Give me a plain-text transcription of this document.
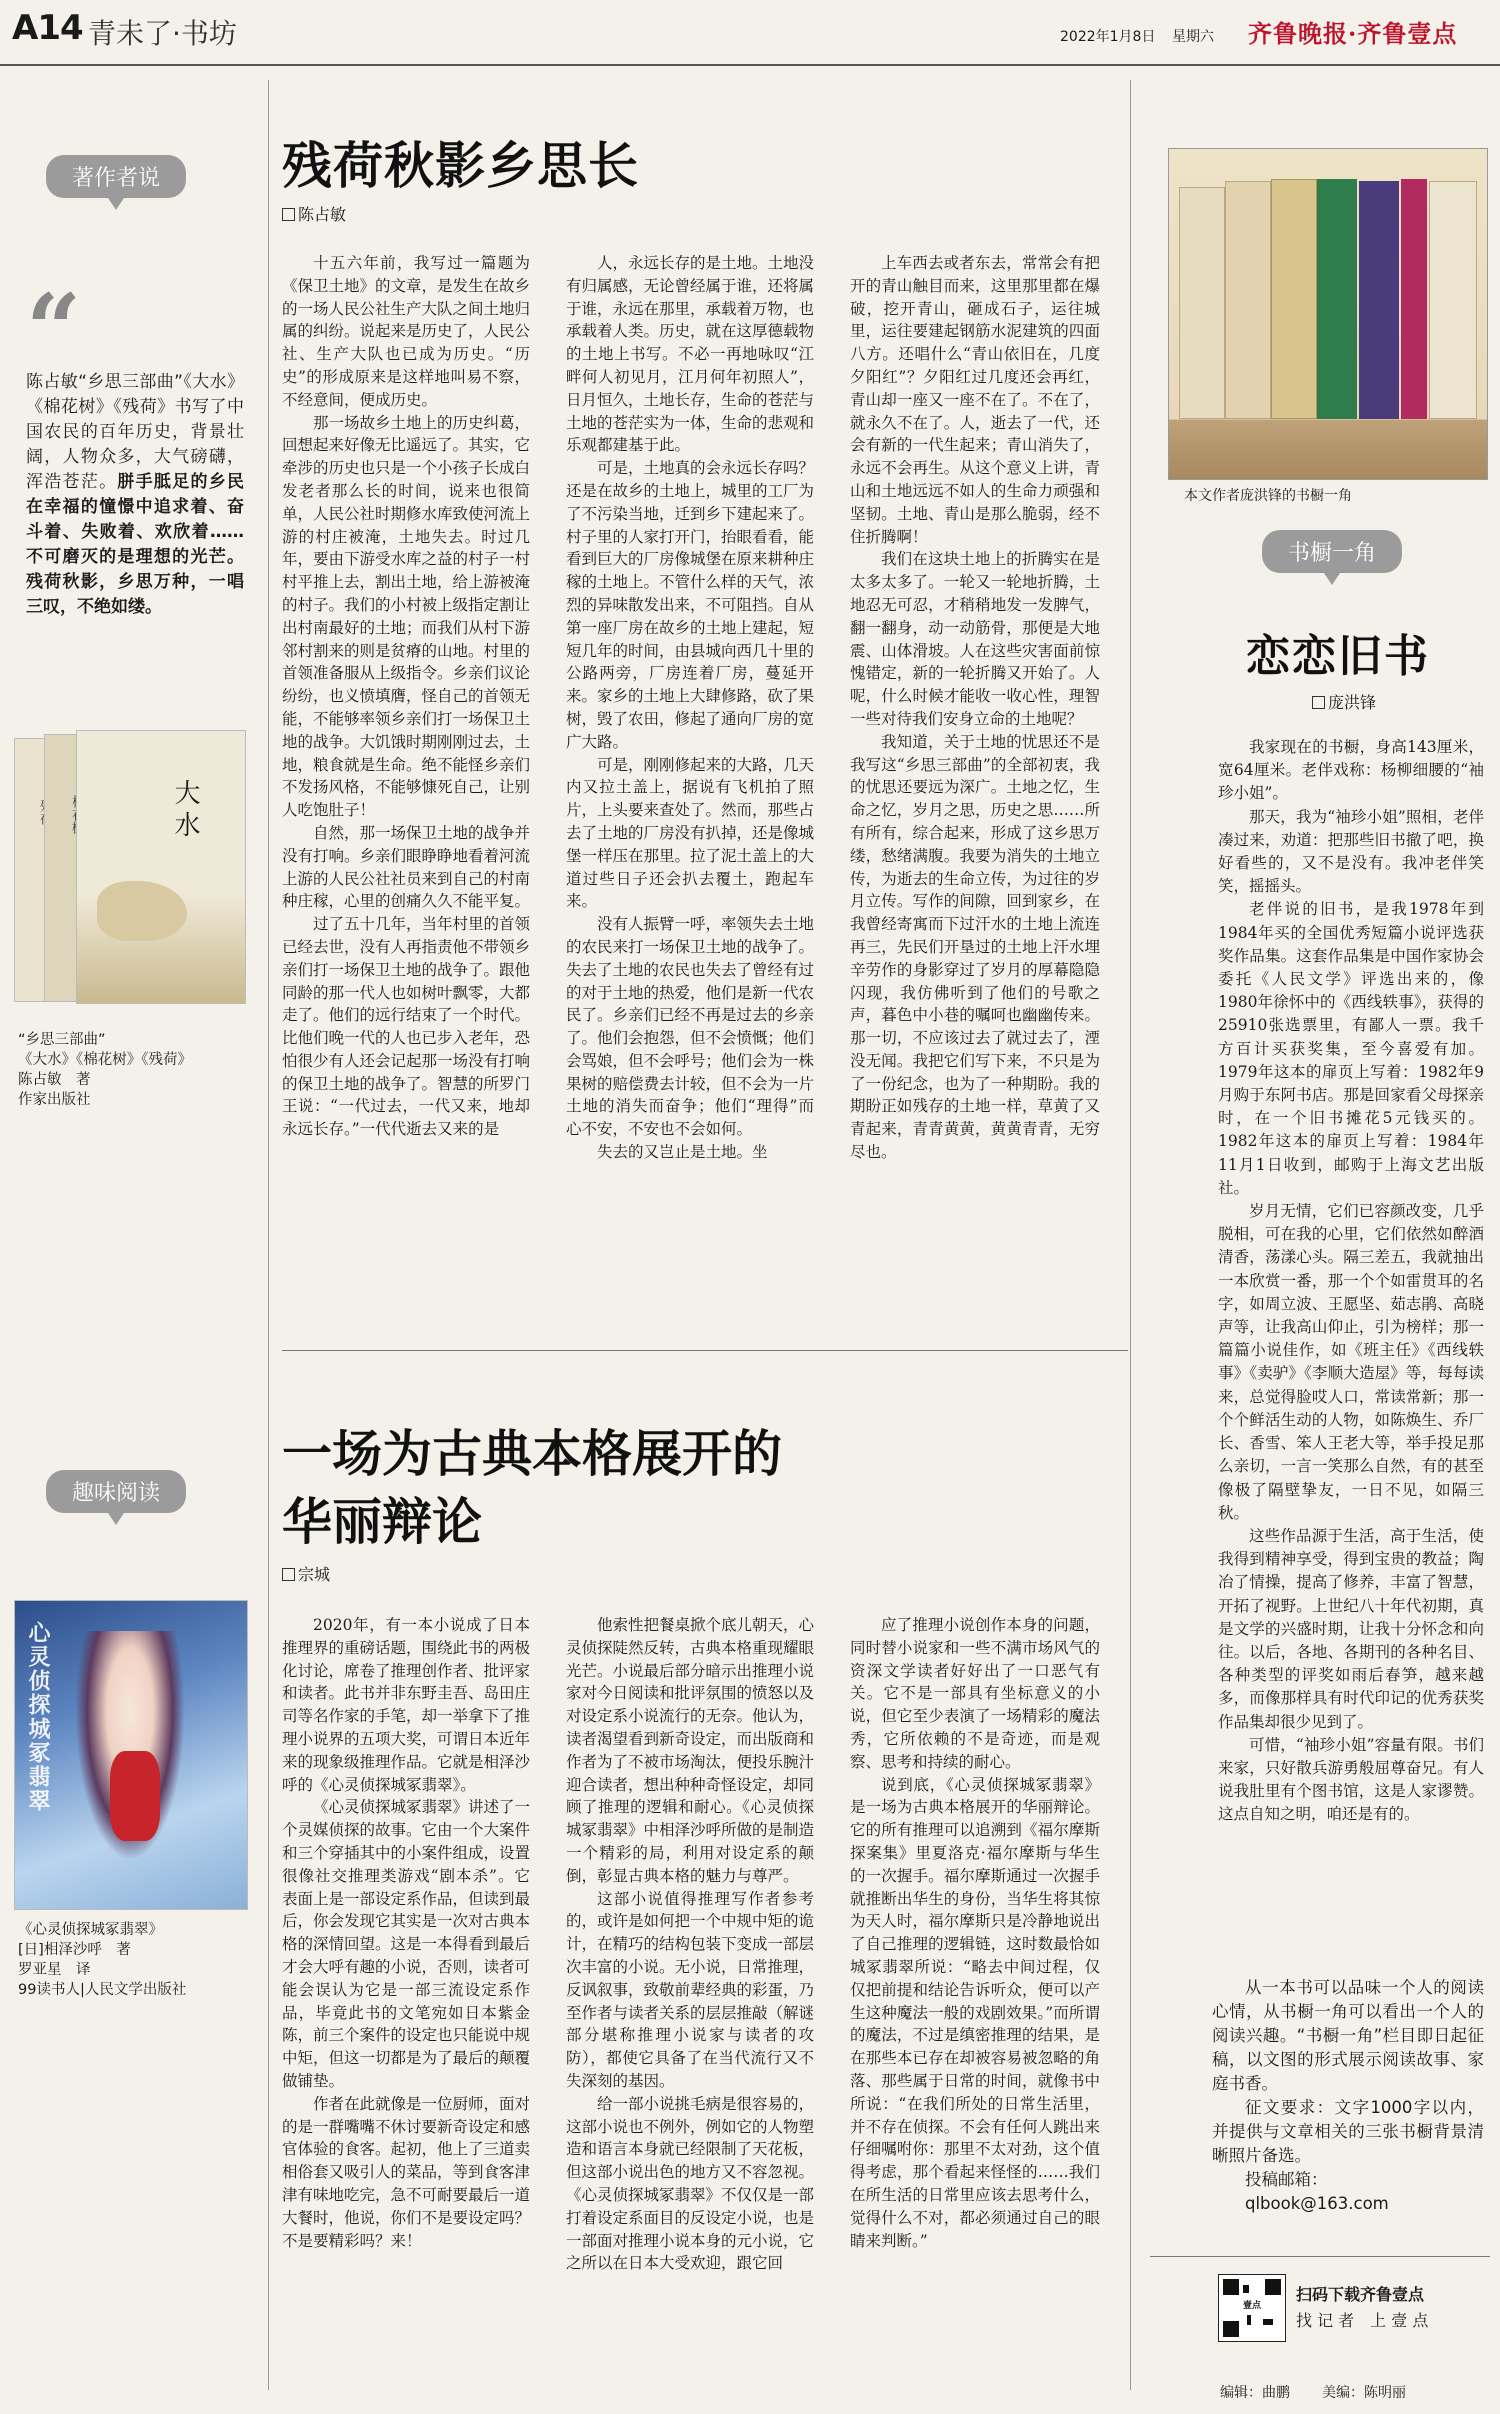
A14 青未了·书坊	2022年1月8日 星期六 齐鲁晚报·齐鲁壹点
著作者说
“
陈占敏“乡思三部曲”《大水》《棉花树》《残荷》书写了中国农民的百年历史，背景壮阔，人物众多，大气磅礴，浑浩苍茫。胼手胝足的乡民在幸福的憧憬中追求着、奋斗着、失败着、欢欣着……不可磨灭的是理想的光芒。残荷秋影，乡思万种，一唱三叹，不绝如缕。
大水
“乡思三部曲”
《大水》《棉花树》《残荷》
陈占敏　著
作家出版社
趣味阅读
心灵侦探城冢翡翠
《心灵侦探城冢翡翠》
[日]相泽沙呼　著
罗亚星　译
99读书人|人民文学出版社
残荷秋影乡思长
陈占敏

十五六年前，我写过一篇题为《保卫土地》的文章，是发生在故乡的一场人民公社生产大队之间土地归属的纠纷。说起来是历史了，人民公社、生产大队也已成为历史。“历史”的形成原来是这样地叫易不察，不经意间，便成历史。

那一场故乡土地上的历史纠葛，回想起来好像无比遥远了。其实，它牵涉的历史也只是一个小孩子长成白发老者那么长的时间，说来也很简单，人民公社时期修水库致使河流上游的村庄被淹，土地失去。时过几年，要由下游受水库之益的村子一村村平推上去，割出土地，给上游被淹的村子。我们的小村被上级指定割让出村南最好的土地；而我们从村下游邻村割来的则是贫瘠的山地。村里的首领准备服从上级指令。乡亲们议论纷纷，也义愤填膺，怪自己的首领无能，不能够率领乡亲们打一场保卫土地的战争。大饥饿时期刚刚过去，土地，粮食就是生命。绝不能怪乡亲们不发扬风格，不能够慷死自己，让别人吃饱肚子！

自然，那一场保卫土地的战争并没有打响。乡亲们眼睁睁地看着河流上游的人民公社社员来到自己的村南种庄稼，心里的创痛久久不能平复。

过了五十几年，当年村里的首领已经去世，没有人再指责他不带领乡亲们打一场保卫土地的战争了。跟他同龄的那一代人也如树叶飘零，大都走了。他们的远行结束了一个时代。比他们晚一代的人也已步入老年，恐怕很少有人还会记起那一场没有打响的保卫土地的战争了。智慧的所罗门王说：“一代过去，一代又来，地却永远长存。”一代代逝去又来的是

人，永远长存的是土地。土地没有归属感，无论曾经属于谁，还将属于谁，永远在那里，承载着万物，也承载着人类。历史，就在这厚德载物的土地上书写。不必一再地咏叹“江畔何人初见月，江月何年初照人”，日月恒久，土地长存，生命的苍茫与土地的苍茫实为一体，生命的悲观和乐观都建基于此。

可是，土地真的会永远长存吗？还是在故乡的土地上，城里的工厂为了不污染当地，迁到乡下建起来了。村子里的人家打开门，抬眼看看，能看到巨大的厂房像城堡在原来耕种庄稼的土地上。不管什么样的天气，浓烈的异味散发出来，不可阻挡。自从第一座厂房在故乡的土地上建起，短短几年的时间，由县城向西几十里的公路两旁，厂房连着厂房，蔓延开来。家乡的土地上大肆修路，砍了果树，毁了农田，修起了通向厂房的宽广大路。

可是，刚刚修起来的大路，几天内又拉土盖上，据说有飞机拍了照片，上头要来查处了。然而，那些占去了土地的厂房没有扒掉，还是像城堡一样压在那里。拉了泥土盖上的大道过些日子还会扒去覆土，跑起车来。

没有人振臂一呼，率领失去土地的农民来打一场保卫土地的战争了。失去了土地的农民也失去了曾经有过的对于土地的热爱，他们是新一代农民了。乡亲们已经不再是过去的乡亲了。他们会抱怨，但不会愤慨；他们会骂娘，但不会呼号；他们会为一株果树的赔偿费去计较，但不会为一片土地的消失而奋争；他们“理得”而心不安，不安也不会如何。

失去的又岂止是土地。坐

上车西去或者东去，常常会有把开的青山触目而来，这里那里都在爆破，挖开青山，砸成石子，运往城里，运往要建起钢筋水泥建筑的四面八方。还唱什么“青山依旧在，几度夕阳红”？夕阳红过几度还会再红，青山却一座又一座不在了。不在了，就永久不在了。人，逝去了一代，还会有新的一代生起来；青山消失了，永远不会再生。从这个意义上讲，青山和土地远远不如人的生命力顽强和坚韧。土地、青山是那么脆弱，经不住折腾啊！

我们在这块土地上的折腾实在是太多太多了。一轮又一轮地折腾，土地忍无可忍，才稍稍地发一发脾气，翻一翻身，动一动筋骨，那便是大地震、山体滑坡。人在这些灾害面前惊愧错定，新的一轮折腾又开始了。人呢，什么时候才能收一收心性，理智一些对待我们安身立命的土地呢？

我知道，关于土地的忧思还不是我写这“乡思三部曲”的全部初衷，我的忧思还要远为深广。土地之忆，生命之忆，岁月之思，历史之思……所有所有，综合起来，形成了这乡思万缕，愁绪满腹。我要为消失的土地立传，为逝去的生命立传，为过往的岁月立传。写作的间隙，回到家乡，在我曾经寄寓而下过汗水的土地上流连再三，先民们开垦过的土地上汗水埋辛劳作的身影穿过了岁月的厚幕隐隐闪现，我仿佛听到了他们的号歌之声，暮色中小巷的嘱呵也幽幽传来。那一切，不应该过去了就过去了，湮没无闻。我把它们写下来，不只是为了一份纪念，也为了一种期盼。我的期盼正如残存的土地一样，草黄了又青起来，青青黄黄，黄黄青青，无穷尽也。

一场为古典本格展开的
华丽辩论
宗城

2020年，有一本小说成了日本推理界的重磅话题，围绕此书的两极化讨论，席卷了推理创作者、批评家和读者。此书并非东野圭吾、岛田庄司等名作家的手笔，却一举拿下了推理小说界的五项大奖，可谓日本近年来的现象级推理作品。它就是相泽沙呼的《心灵侦探城冢翡翠》。

《心灵侦探城冢翡翠》讲述了一个灵媒侦探的故事。它由一个大案件和三个穿插其中的小案件组成，设置很像社交推理类游戏“剧本杀”。它表面上是一部设定系作品，但读到最后，你会发现它其实是一次对古典本格的深情回望。这是一本得看到最后才会大呼有趣的小说，否则，读者可能会误认为它是一部三流设定系作品，毕竟此书的文笔宛如日本紫金陈，前三个案件的设定也只能说中规中矩，但这一切都是为了最后的颠覆做铺垫。

作者在此就像是一位厨师，面对的是一群嘴嘴不休讨要新奇设定和感官体验的食客。起初，他上了三道卖相俗套又吸引人的菜品，等到食客津津有味地吃完，急不可耐要最后一道大餐时，他说，你们不是要设定吗？不是要精彩吗？来！

他索性把餐桌掀个底儿朝天，心灵侦探陡然反转，古典本格重现耀眼光芒。小说最后部分暗示出推理小说家对今日阅读和批评氛围的愤怒以及对设定系小说流行的无奈。他认为，读者渴望看到新奇设定，而出版商和作者为了不被市场淘汰，便投乐腕汁迎合读者，想出种种奇怪设定，却同顾了推理的逻辑和耐心。《心灵侦探城冢翡翠》中相泽沙呼所做的是制造一个精彩的局，利用对设定系的颠倒，彰显古典本格的魅力与尊严。

这部小说值得推理写作者参考的，或许是如何把一个中规中矩的诡计，在精巧的结构包装下变成一部层次丰富的小说。无小说，日常推理，反讽叙事，致敬前辈经典的彩蛋，乃至作者与读者关系的层层推敲（解谜部分堪称推理小说家与读者的攻防），都使它具备了在当代流行又不失深刻的基因。

给一部小说挑毛病是很容易的，这部小说也不例外，例如它的人物塑造和语言本身就已经限制了天花板，但这部小说出色的地方又不容忽视。《心灵侦探城冢翡翠》不仅仅是一部打着设定系面目的反设定小说，也是一部面对推理小说本身的元小说，它之所以在日本大受欢迎，跟它回

应了推理小说创作本身的问题，同时替小说家和一些不满市场风气的资深文学读者好好出了一口恶气有关。它不是一部具有坐标意义的小说，但它至少表演了一场精彩的魔法秀，它所依赖的不是奇迹，而是观察、思考和持续的耐心。

说到底，《心灵侦探城冢翡翠》是一场为古典本格展开的华丽辩论。它的所有推理可以追溯到《福尔摩斯探案集》里夏洛克·福尔摩斯与华生的一次握手。福尔摩斯通过一次握手就推断出华生的身份，当华生将其惊为天人时，福尔摩斯只是冷静地说出了自己推理的逻辑链，这时数最恰如城冢翡翠所说：“略去中间过程，仅仅把前提和结论告诉听众，便可以产生这种魔法一般的戏剧效果。”而所谓的魔法，不过是缜密推理的结果，是在那些本已存在却被容易被忽略的角落、那些属于日常的时间，就像书中所说：“在我们所处的日常生活里，并不存在侦探。不会有任何人跳出来仔细嘱咐你：那里不太对劲，这个值得考虑，那个看起来怪怪的……我们在所生活的日常里应该去思考什么，觉得什么不对，都必须通过自己的眼睛来判断。”

本文作者庞洪锋的书橱一角
书橱一角
恋恋旧书
庞洪锋

我家现在的书橱，身高143厘米，宽64厘米。老伴戏称：杨柳细腰的“袖珍小姐”。

那天，我为“袖珍小姐”照相，老伴凑过来，劝道：把那些旧书撤了吧，换好看些的，又不是没有。我冲老伴笑笑，摇摇头。

老伴说的旧书，是我1978年到1984年买的全国优秀短篇小说评选获奖作品集。这套作品集是中国作家协会委托《人民文学》评选出来的，像1980年徐怀中的《西线轶事》，获得的25910张选票里，有鄙人一票。我千方百计买获奖集，至今喜爱有加。1979年这本的扉页上写着：1982年9月购于东阿书店。那是回家看父母探亲时，在一个旧书摊花5元钱买的。1982年这本的扉页上写着：1984年11月1日收到，邮购于上海文艺出版社。

岁月无情，它们已容颜改变，几乎脱相，可在我的心里，它们依然如醉酒清香，荡漾心头。隔三差五，我就抽出一本欣赏一番，那一个个如雷贯耳的名字，如周立波、王愿坚、茹志鹃、高晓声等，让我高山仰止，引为榜样；那一篇篇小说佳作，如《班主任》《西线轶事》《卖驴》《李顺大造屋》等，每每读来，总觉得脸哎人口，常读常新；那一个个鲜活生动的人物，如陈焕生、乔厂长、香雪、笨人王老大等，举手投足那么亲切，一言一笑那么自然，有的甚至像极了隔壁挚友，一日不见，如隔三秋。

这些作品源于生活，高于生活，使我得到精神享受，得到宝贵的教益；陶冶了情操，提高了修养，丰富了智慧，开拓了视野。上世纪八十年代初期，真是文学的兴盛时期，让我十分怀念和向往。以后，各地、各期刊的各种名目、各种类型的评奖如雨后春笋，越来越多，而像那样具有时代印记的优秀获奖作品集却很少见到了。

可惜，“袖珍小姐”容量有限。书们来家，只好散兵游勇般屈尊奋兄。有人说我肚里有个图书馆，这是人家谬赞。这点自知之明，咱还是有的。

从一本书可以品味一个人的阅读心情，从书橱一角可以看出一个人的阅读兴趣。“书橱一角”栏目即日起征稿，以文图的形式展示阅读故事、家庭书香。
征文要求：文字1000字以内，并提供与文章相关的三张书橱背景清晰照片备选。
投稿邮箱：
qlbook@163.com
壹点
扫码下载齐鲁壹点
找 记 者　上 壹 点
编辑：曲鹏 美编：陈明丽
